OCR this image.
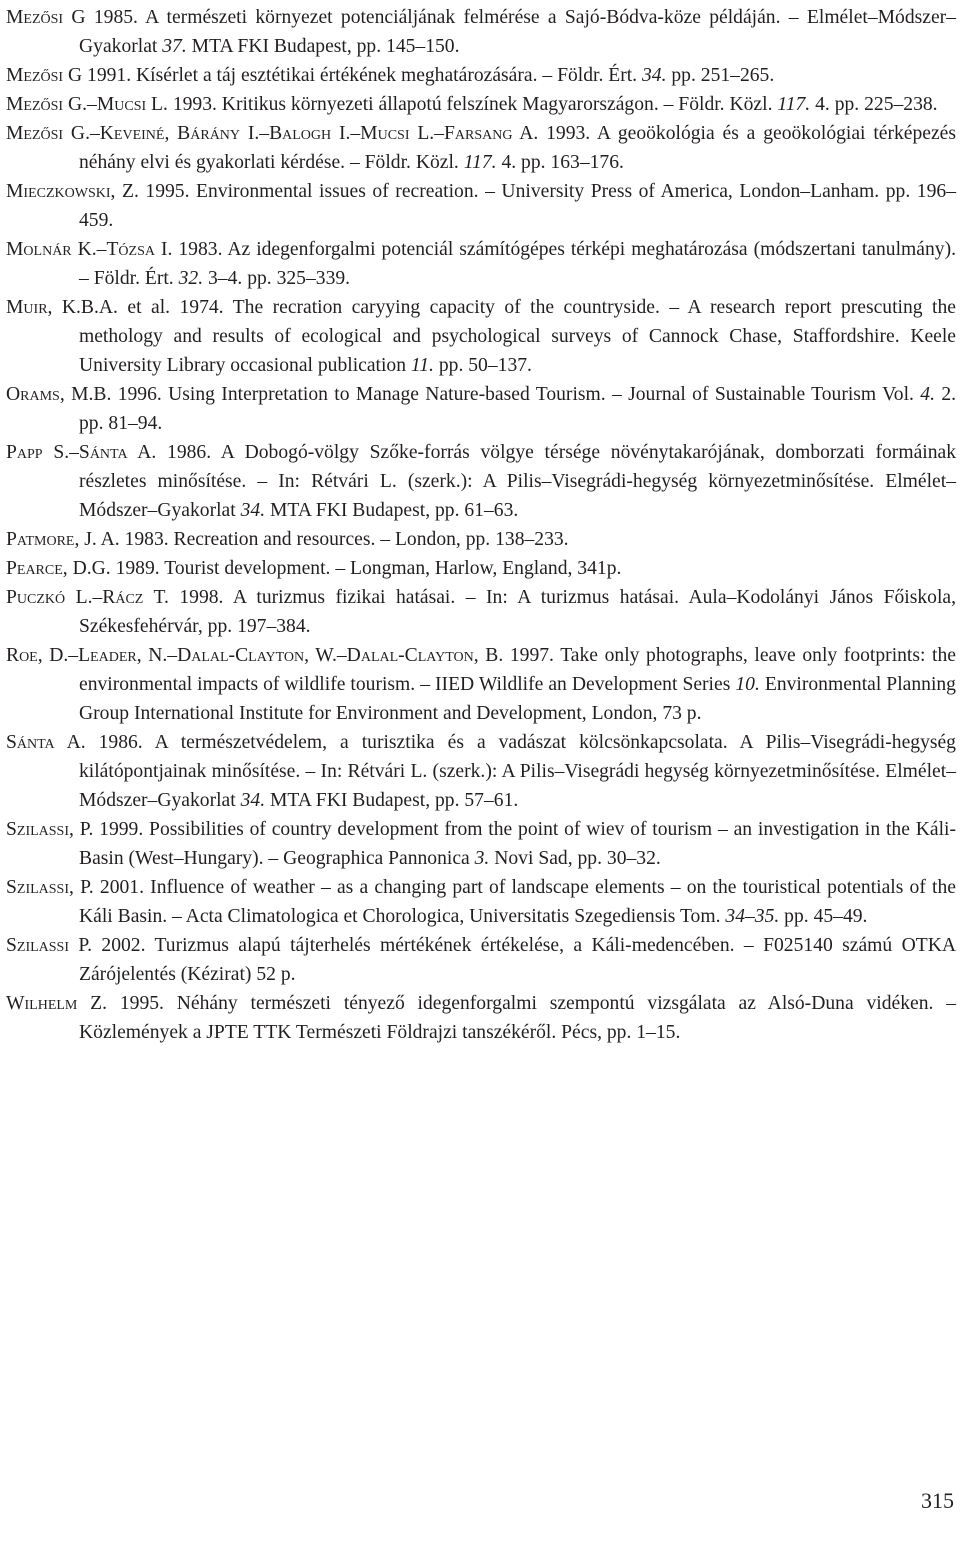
Mezősi G 1985. A természeti környezet potenciáljának felmérése a Sajó-Bódva-köze példáján. – Elmélet–Módszer–Gyakorlat 37. MTA FKI Budapest, pp. 145–150.

Mezősi G 1991. Kísérlet a táj esztétikai értékének meghatározására. – Földr. Ért. 34. pp. 251–265.

Mezősi G.–Mucsi L. 1993. Kritikus környezeti állapotú felszínek Magyarországon. – Földr. Közl. 117. 4. pp. 225–238.

Mezősi G.–Keveiné, Bárány I.–Balogh I.–Mucsi L.–Farsang A. 1993. A geoökológia és a geoökológiai térképezés néhány elvi és gyakorlati kérdése. – Földr. Közl. 117. 4. pp. 163–176.

Mieczkowski, Z. 1995. Environmental issues of recreation. – University Press of America, London–Lanham. pp. 196–459.

Molnár K.–Tózsa I. 1983. Az idegenforgalmi potenciál számítógépes térképi meghatározása (módszertani tanulmány). – Földr. Ért. 32. 3–4. pp. 325–339.

Muir, K.B.A. et al. 1974. The recration caryying capacity of the countryside. – A research report prescuting the methology and results of ecological and psychological surveys of Cannock Chase, Staffordshire. Keele University Library occasional publication 11. pp. 50–137.

Orams, M.B. 1996. Using Interpretation to Manage Nature-based Tourism. – Journal of Sustainable Tourism Vol. 4. 2. pp. 81–94.

Papp S.–Sánta A. 1986. A Dobogó-völgy Szőke-forrás völgye térsége növénytakarójának, domborzati formáinak részletes minősítése. – In: Rétvári L. (szerk.): A Pilis–Visegrádi-hegység környezetminősítése. Elmélet–Módszer–Gyakorlat 34. MTA FKI Budapest, pp. 61–63.

Patmore, J. A. 1983. Recreation and resources. – London, pp. 138–233.

Pearce, D.G. 1989. Tourist development. – Longman, Harlow, England, 341p.

Puczkó L.–Rácz T. 1998. A turizmus fizikai hatásai. – In: A turizmus hatásai. Aula–Kodolányi János Főiskola, Székesfehérvár, pp. 197–384.

Roe, D.–Leader, N.–Dalal-Clayton, W.–Dalal-Clayton, B. 1997. Take only photographs, leave only footprints: the environmental impacts of wildlife tourism. – IIED Wildlife an Development Series 10. Environmental Planning Group International Institute for Environment and Development, London, 73 p.

Sánta A. 1986. A természetvédelem, a turisztika és a vadászat kölcsönkapcsolata. A Pilis–Visegrádi-hegység kilátópontjainak minősítése. – In: Rétvári L. (szerk.): A Pilis–Visegrádi hegység környezetminősítése. Elmélet–Módszer–Gyakorlat 34. MTA FKI Budapest, pp. 57–61.

Szilassi, P. 1999. Possibilities of country development from the point of wiev of tourism – an investigation in the Káli-Basin (West–Hungary). – Geographica Pannonica 3. Novi Sad, pp. 30–32.

Szilassi, P. 2001. Influence of weather – as a changing part of landscape elements – on the touristical potentials of the Káli Basin. – Acta Climatologica et Chorologica, Universitatis Szegediensis Tom. 34–35. pp. 45–49.

Szilassi P. 2002. Turizmus alapú tájterhelés mértékének értékelése, a Káli-medencében. – F025140 számú OTKA Zárójelentés (Kézirat) 52 p.

Wilhelm Z. 1995. Néhány természeti tényező idegenforgalmi szempontú vizsgálata az Alsó-Duna vidéken. – Közlemények a JPTE TTK Természeti Földrajzi tanszékéről. Pécs, pp. 1–15.

315
